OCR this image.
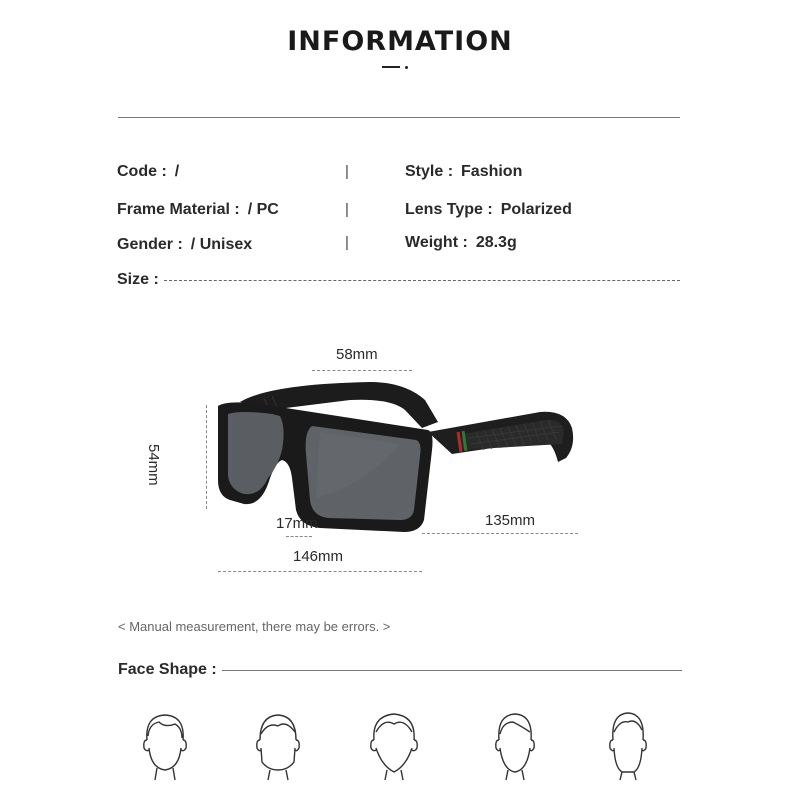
INFORMATION
Code : /	|	Style : Fashion
Frame Material : / PC	|	Lens Type : Polarized
Gender : / Unisex	|	Weight : 28.3g
Size :
58mm
54mm
17mm	135mm
146mm
< Manual measurement, there may be errors. >
Face Shape :
